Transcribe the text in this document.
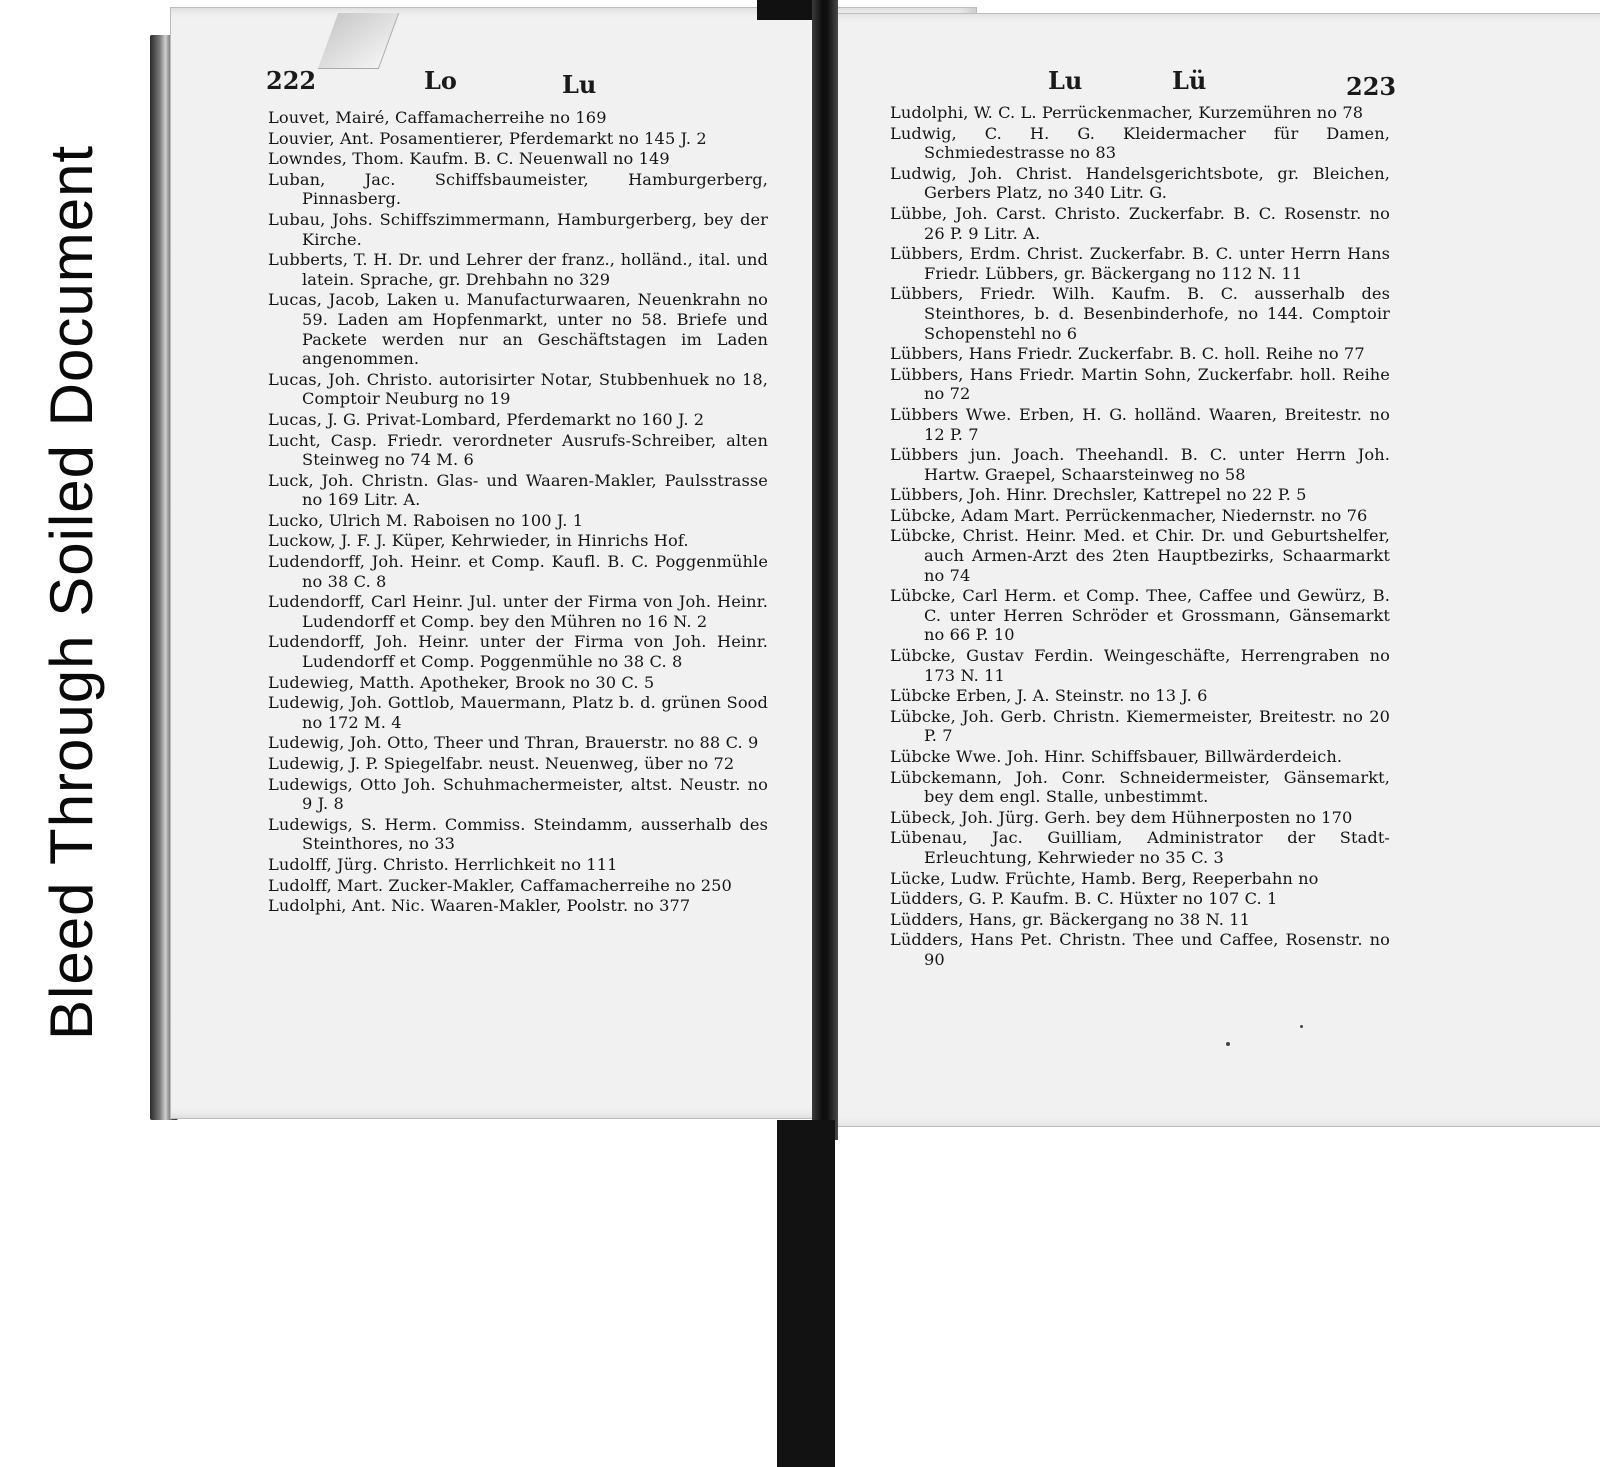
Bleed Through Soiled Document
222	Lo	Lu	Lu	Lü	223
Louvet, Mairé, Caffamacherreihe no 169
Louvier, Ant. Posamentierer, Pferdemarkt no 145 J. 2
Lowndes, Thom. Kaufm. B. C. Neuenwall no 149
Luban, Jac. Schiffsbaumeister, Hamburgerberg, Pinnasberg.
Lubau, Johs. Schiffszimmermann, Hamburgerberg, bey der Kirche.
Lubberts, T. H. Dr. und Lehrer der franz., holländ., ital. und latein. Sprache, gr. Drehbahn no 329
Lucas, Jacob, Laken u. Manufacturwaaren, Neuenkrahn no 59. Laden am Hopfenmarkt, unter no 58. Briefe und Packete werden nur an Geschäftstagen im Laden angenommen.
Lucas, Joh. Christo. autorisirter Notar, Stubbenhuek no 18, Comptoir Neuburg no 19
Lucas, J. G. Privat-Lombard, Pferdemarkt no 160 J. 2
Lucht, Casp. Friedr. verordneter Ausrufs-Schreiber, alten Steinweg no 74 M. 6
Luck, Joh. Christn. Glas- und Waaren-Makler, Paulsstrasse no 169 Litr. A.
Lucko, Ulrich M. Raboisen no 100 J. 1
Luckow, J. F. J. Küper, Kehrwieder, in Hinrichs Hof.
Ludendorff, Joh. Heinr. et Comp. Kaufl. B. C. Poggenmühle no 38 C. 8
Ludendorff, Carl Heinr. Jul. unter der Firma von Joh. Heinr. Ludendorff et Comp. bey den Mühren no 16 N. 2
Ludendorff, Joh. Heinr. unter der Firma von Joh. Heinr. Ludendorff et Comp. Poggenmühle no 38 C. 8
Ludewieg, Matth. Apotheker, Brook no 30 C. 5
Ludewig, Joh. Gottlob, Mauermann, Platz b. d. grünen Sood no 172 M. 4
Ludewig, Joh. Otto, Theer und Thran, Brauerstr. no 88 C. 9
Ludewig, J. P. Spiegelfabr. neust. Neuenweg, über no 72
Ludewigs, Otto Joh. Schuhmachermeister, altst. Neustr. no 9 J. 8
Ludewigs, S. Herm. Commiss. Steindamm, ausserhalb des Steinthores, no 33
Ludolff, Jürg. Christo. Herrlichkeit no 111
Ludolff, Mart. Zucker-Makler, Caffamacherreihe no 250
Ludolphi, Ant. Nic. Waaren-Makler, Poolstr. no 377
Ludolphi, W. C. L. Perrückenmacher, Kurzemühren no 78
Ludwig, C. H. G. Kleidermacher für Damen, Schmiedestrasse no 83
Ludwig, Joh. Christ. Handelsgerichtsbote, gr. Bleichen, Gerbers Platz, no 340 Litr. G.
Lübbe, Joh. Carst. Christo. Zuckerfabr. B. C. Rosenstr. no 26 P. 9 Litr. A.
Lübbers, Erdm. Christ. Zuckerfabr. B. C. unter Herrn Hans Friedr. Lübbers, gr. Bäckergang no 112 N. 11
Lübbers, Friedr. Wilh. Kaufm. B. C. ausserhalb des Steinthores, b. d. Besenbinderhofe, no 144. Comptoir Schopenstehl no 6
Lübbers, Hans Friedr. Zuckerfabr. B. C. holl. Reihe no 77
Lübbers, Hans Friedr. Martin Sohn, Zuckerfabr. holl. Reihe no 72
Lübbers Wwe. Erben, H. G. holländ. Waaren, Breitestr. no 12 P. 7
Lübbers jun. Joach. Theehandl. B. C. unter Herrn Joh. Hartw. Graepel, Schaarsteinweg no 58
Lübbers, Joh. Hinr. Drechsler, Kattrepel no 22 P. 5
Lübcke, Adam Mart. Perrückenmacher, Niedernstr. no 76
Lübcke, Christ. Heinr. Med. et Chir. Dr. und Geburtshelfer, auch Armen-Arzt des 2ten Hauptbezirks, Schaarmarkt no 74
Lübcke, Carl Herm. et Comp. Thee, Caffee und Gewürz, B. C. unter Herren Schröder et Grossmann, Gänsemarkt no 66 P. 10
Lübcke, Gustav Ferdin. Weingeschäfte, Herrengraben no 173 N. 11
Lübcke Erben, J. A. Steinstr. no 13 J. 6
Lübcke, Joh. Gerb. Christn. Kiemermeister, Breitestr. no 20 P. 7
Lübcke Wwe. Joh. Hinr. Schiffsbauer, Billwärderdeich.
Lübckemann, Joh. Conr. Schneidermeister, Gänsemarkt, bey dem engl. Stalle, unbestimmt.
Lübeck, Joh. Jürg. Gerh. bey dem Hühnerposten no 170
Lübenau, Jac. Guilliam, Administrator der Stadt-Erleuchtung, Kehrwieder no 35 C. 3
Lücke, Ludw. Früchte, Hamb. Berg, Reeperbahn no
Lüdders, G. P. Kaufm. B. C. Hüxter no 107 C. 1
Lüdders, Hans, gr. Bäckergang no 38 N. 11
Lüdders, Hans Pet. Christn. Thee und Caffee, Rosenstr. no 90
